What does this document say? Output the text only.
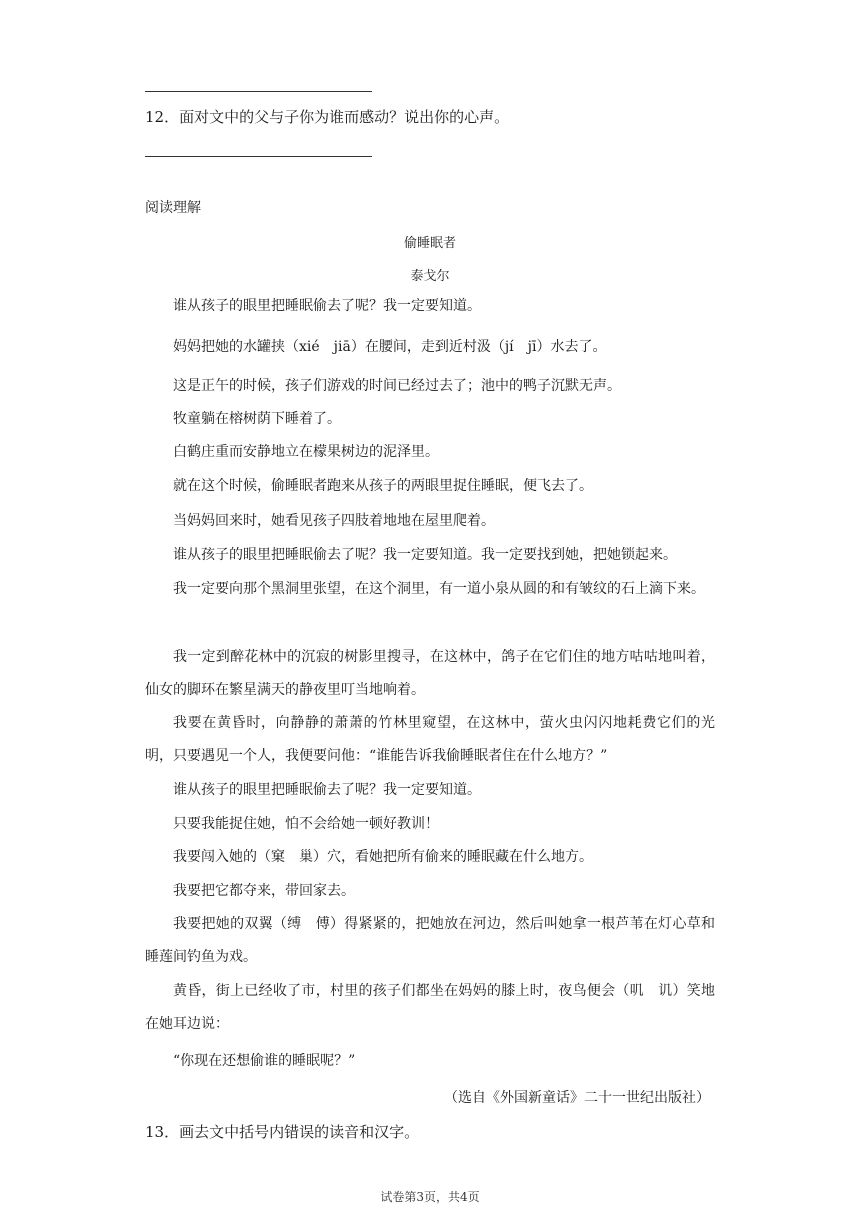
12．面对文中的父与子你为谁而感动？说出你的心声。
阅读理解
偷睡眠者
泰戈尔

谁从孩子的眼里把睡眠偷去了呢？我一定要知道。

妈妈把她的水罐挟（xié　jiā）在腰间，走到近村汲（jí　jī）水去了。

这是正午的时候，孩子们游戏的时间已经过去了；池中的鸭子沉默无声。

牧童躺在榕树荫下睡着了。

白鹤庄重而安静地立在檬果树边的泥泽里。

就在这个时候，偷睡眠者跑来从孩子的两眼里捉住睡眠，便飞去了。

当妈妈回来时，她看见孩子四肢着地地在屋里爬着。

谁从孩子的眼里把睡眠偷去了呢？我一定要知道。我一定要找到她，把她锁起来。

我一定要向那个黑洞里张望，在这个洞里，有一道小泉从圆的和有皱纹的石上滴下来。

我一定到醉花林中的沉寂的树影里搜寻，在这林中，鸽子在它们住的地方咕咕地叫着，仙女的脚环在繁星满天的静夜里叮当地响着。

我要在黄昏时，向静静的萧萧的竹林里窥望，在这林中，萤火虫闪闪地耗费它们的光明，只要遇见一个人，我便要问他：“谁能告诉我偷睡眠者住在什么地方？”

谁从孩子的眼里把睡眠偷去了呢？我一定要知道。

只要我能捉住她，怕不会给她一顿好教训！

我要闯入她的（窠　巢）穴，看她把所有偷来的睡眠藏在什么地方。

我要把它都夺来，带回家去。

我要把她的双翼（缚　傅）得紧紧的，把她放在河边，然后叫她拿一根芦苇在灯心草和睡莲间钓鱼为戏。

黄昏，街上已经收了市，村里的孩子们都坐在妈妈的膝上时，夜鸟便会（叽　讥）笑地在她耳边说：

“你现在还想偷谁的睡眠呢？”

（选自《外国新童话》二十一世纪出版社）
13．画去文中括号内错误的读音和汉字。
试卷第3页，共4页
